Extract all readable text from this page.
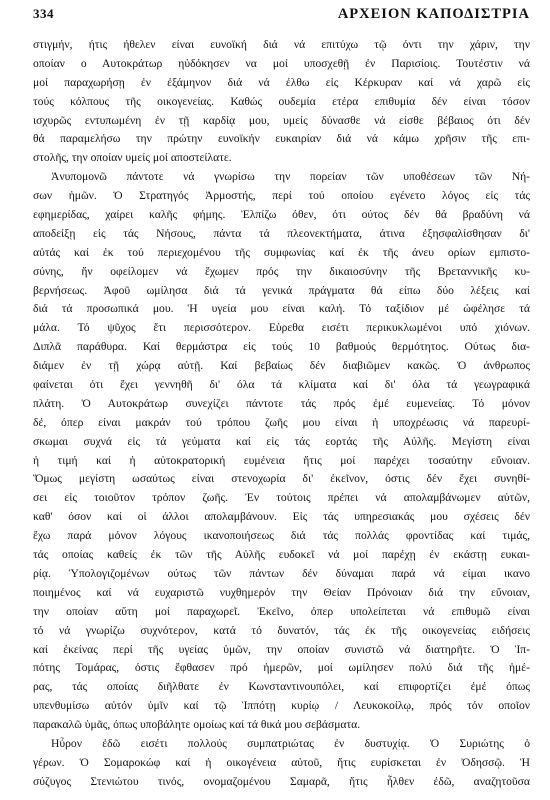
334	ΑΡΧΕΙΟΝ ΚΑΠΟΔΙΣΤΡΙΑ
στιγμήν, ήτις ήθελεν είναι ευνοϊκή διά νά επιτύχω τῷ όντι την χάριν, την
οποίαν ο Αυτοκράτωρ ηὐδόκησεν να μοί υποσχεθῇ ἐν Παρισίοις. Τουτέστιν νά
μοί παραχωρήσῃ ἐν ἐξάμηνον διά νά έλθω εἰς Κέρκυραν καί νά χαρῶ εἰς
τούς κόλπους τῆς οικογενείας. Καθώς ουδεμία ετέρα επιθυμία δέν είναι τόσον
ισχυρῶς εντυπωμένη ἐν τῇ καρδίᾳ μου, υμείς δύνασθε νά είσθε βέβαιος ότι δέν
θά παραμελήσω την πρώτην ευνοϊκήν ευκαιρίαν διά νά κάμω χρῆσιν τῆς επι-
στολῆς, την οποίαν υμείς μοί αποστείλατε.
Ἀνυπομονῶ πάντοτε νά γνωρίσω την πορείαν τῶν υποθέσεων τῶν Νή-
σων ἡμῶν. Ὁ Στρατηγός Ἀρμοστής, περί τού οποίου εγένετο λόγος εἰς τάς
εφημερίδας, χαίρει καλῆς φήμης. Ἐλπίζω όθεν, ότι ούτος δέν θά βραδύνη νά
αποδείξῃ εἰς τάς Νήσους, πάντα τά πλεονεκτήματα, άτινα ἐξησφαλίσθησαν δι'
αὐτάς καί ἐκ τού περιεχομένου τῆς συμφωνίας καί ἐκ τῆς άνευ ορίων εμπιστο-
σύνης, ἥν οφείλομεν νά ἔχωμεν πρός την δικαιοσύνην τῆς Βρεταννικῆς κυ-
βερνήσεως. Ἀφοῦ ωμίλησα διά τά γενικά πράγματα θά είπω δύο λέξεις καί
διά τά προσωπικά μου. Ἡ υγεία μου είναι καλή. Τό ταξίδιον μέ ὠφέλησε τά
μάλα. Τό ψῦχος ἔτι περισσότερον. Εὑρεθα εισέτι περικυκλωμένοι υπό χιόνων.
Διπλᾶ παράθυρα. Καί θερμάστρα εἰς τούς 10 βαθμούς θερμότητος. Ούτως δια-
διάμεν ἐν τῇ χώρᾳ αὐτῇ. Καί βεβαίως δέν διαβιῶμεν κακῶς. Ὁ άνθρωπος
φαίνεται ότι ἔχει γεννηθῆ δι' όλα τά κλίματα καί δι' όλα τά γεωγραφικά
πλάτη. Ὁ Αυτοκράτωρ συνεχίζει πάντοτε τάς πρός ἐμέ ευμενείας. Τό μόνον
δέ, όπερ είναι μακράν τού τρόπου ζωῆς μου είναι ἡ υποχρέωσις νά παρευρί-
σκωμαι συχνά εἰς τά γεύματα καί εἰς τάς εορτάς τῆς Αὐλῆς. Μεγίστη είναι
ἡ τιμή καί ἡ αὐτοκρατορική ευμένεια ἥτις μοί παρέχει τοσαύτην εὔνοιαν.
Ὅμως μεγίστη ωσαύτως είναι στενοχωρία δι' ἐκεῖνον, όστις δέν ἔχει συνηθί-
σει εἰς τοιοῦτον τρόπον ζωῆς. Ἐν τούτοις πρέπει νά απολαμβάνωμεν αὐτῶν,
καθ' όσον καί οἱ άλλοι απολαμβάνουν. Εἰς τάς υπηρεσιακάς μου σχέσεις δέν
ἔχω παρά μόνον λόγους ικανοποιήσεως διά τάς πολλάς φροντίδας καί τιμάς,
τάς οποίας καθείς ἐκ τῶν τῆς Αὐλῆς ευδοκεῖ νά μοί παρέχῃ ἐν εκάστῃ ευκαι-
ρίᾳ. Ὑπολογιζομένων ούτως τῶν πάντων δέν δύναμαι παρά νά είμαι ικανο
ποιημένος καί νά ευχαριστῶ νυχθημερόν την Θείαν Πρόνοιαν διά την εὔνοιαν,
την οποίαν αὕτη μοί παραχωρεῖ. Ἐκεῖνο, όπερ υπολείπεται νά επιθυμῶ είναι
τό νά γνωρίζω συχνότερον, κατά τό δυνατόν, τάς ἐκ τῆς οικογενείας ειδήσεις
καί ἐκείνας περί τῆς υγείας ὑμῶν, την οποίαν συνιστῶ νά διατηρῆτε. Ὁ Ἱπ-
πότης Τομάρας, όστις ἔφθασεν πρό ἡμερῶν, μοί ωμίλησεν πολύ διά τῆς ἡμέ-
ρας, τάς οποίας διῆλθατε ἐν Κωνσταντινουπόλει, καί επιφορτίζει ἐμέ όπως
υπενθυμίσω αὐτόν ὑμῖν καί τῷ Ἱππότῃ κυρίῳ / Λευκοκοίλῳ, πρός τόν οποῖον
παρακαλῶ ὑμᾶς, όπως υποβάλητε ομοίως καί τά θικά μου σεβάσματα.
Ηὗρον ἐδῶ εισέτι πολλούς συμπατριώτας ἐν δυστυχίᾳ. Ὁ Συριώτης ὁ
γέρων. Ὁ Σομαροκώφ καί ἡ οικογένεια αὐτοῦ, ἥτις ευρίσκεται ἐν Ὀδησσῷ. Ἡ
σύζυγος Στενιώτου τινός, ονομαζομένου Σαμαρᾶ, ἥτις ἦλθεν ἐδῶ, αναζητοῦσα
